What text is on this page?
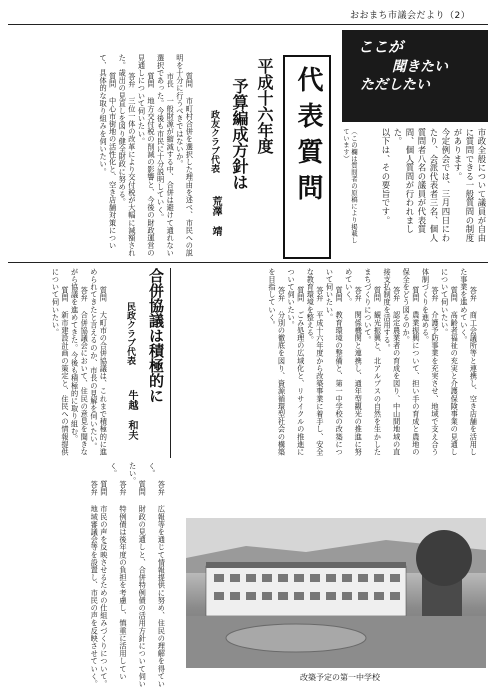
おおまち市議会だより（2）
ここが
聞きたい
ただしたい
市政全般について議員が自由に質問できる一般質問の制度があります。
今定例会では、三月四日にわたり、会派代表者三名、個人質問者八名の議員が代表質問、個人質問が行われました。
以下は、その要旨です。
（この欄は質問者の原稿により掲載しています）
代表質問
平成十六年度
予算編成方針は
政友クラブ代表
荒澤　靖

質問 市町村合併を選択した理由を述べ、市民への説明を十分に行うべきではないか。
市長 一般財源が縮減する中、合併は避けて通れない選択であった。今後も市民に十分説明していく。
質問 地方交付税の削減の影響と、今後の財政運営の見通しについて伺いたい。
答弁 三位一体の改革により交付税が大幅に減額された。歳出の見直しを図り健全財政に努める。
質問 中心市街地の活性化と、空き店舗対策について、具体的な取り組みを伺いたい。

答弁 商工会議所等と連携し、空き店舗を活用した事業を進めていく。
質問 高齢者福祉の充実と介護保険事業の見通しについて伺いたい。
答弁 介護予防事業を充実させ、地域で支え合う体制づくりを進める。
質問 農業振興について、担い手の育成と農地の保全をどう図るのか。
答弁 認定農業者の育成を図り、中山間地域の直接支払制度を活用する。
質問 観光振興と、北アルプスの自然を生かしたまちづくりについて。
答弁 関係機関と連携し、通年型観光の推進に努めていく。
質問 教育環境の整備と、第一中学校の改築について伺いたい。
答弁 平成十六年度から改築事業に着手し、安全な教育環境を整える。
質問 ごみ処理の広域化と、リサイクルの推進について伺いたい。
答弁 分別の徹底を図り、資源循環型社会の構築を目指していく。

合併協議は積極的に
民政クラブ代表
牛越　和夫

質問 大町市の合併協議は、これまで積極的に進められてきたと言えるのか、市長の見解を伺いたい。
答弁 合併協議会において、住民の意見を聞きながら協議を進めてきた。今後も積極的に取り組む。
質問 新市建設計画の策定と、住民への情報提供について伺いたい。

答弁 広報等を通じて情報提供に努め、住民の理解を得ていく。
質問 財政の見通しと、合併特例債の活用方針について伺いたい。
答弁 特例債は後年度の負担を考慮し、慎重に活用していく。
質問 市民の声を反映させるための仕組みづくりについて。
答弁 地域審議会等を設置し、市民の声を反映させていく。	改築予定の第一中学校
